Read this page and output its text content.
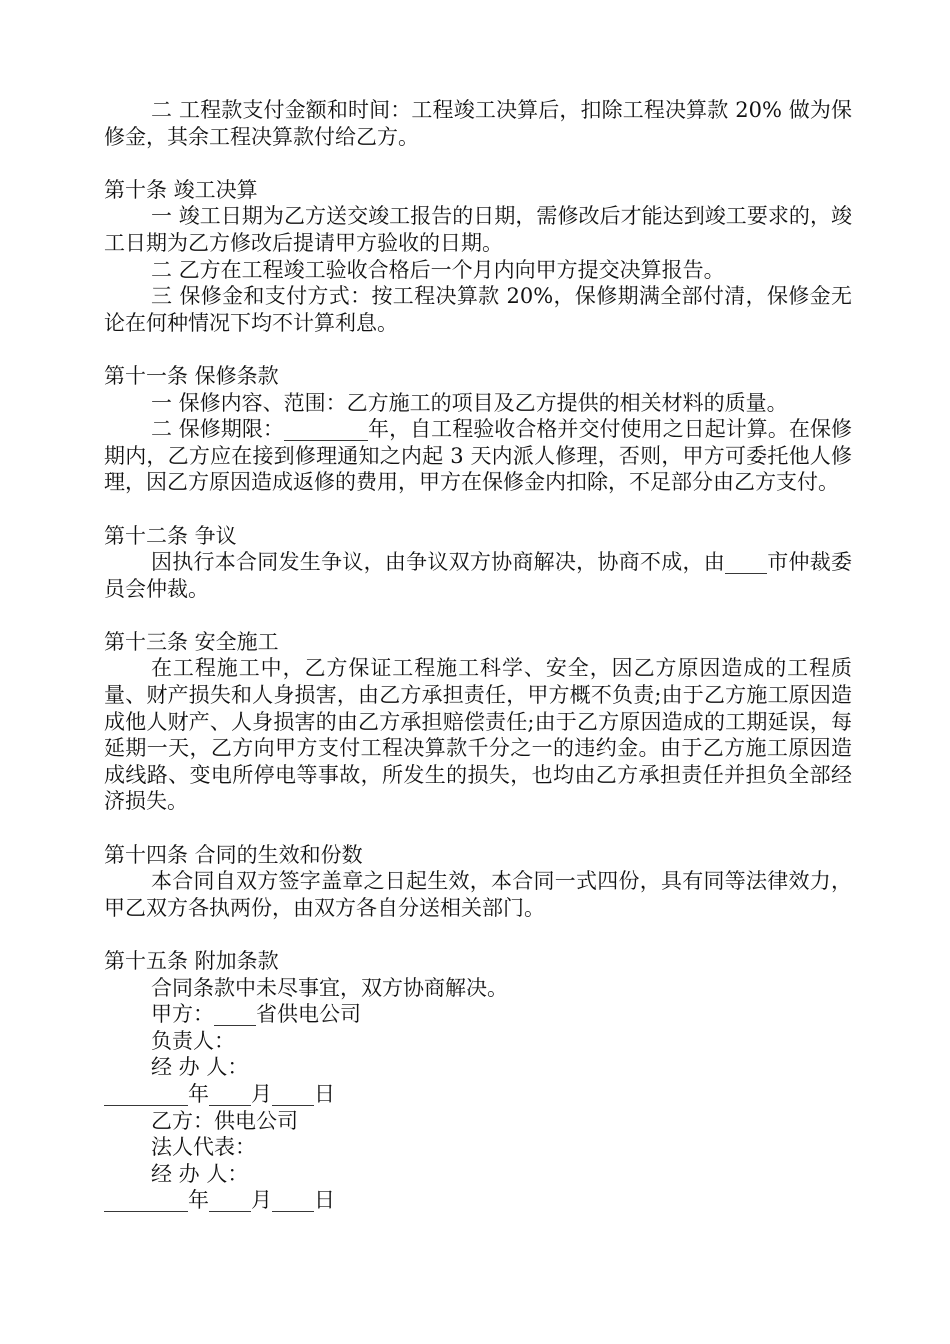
二 工程款支付金额和时间：工程竣工决算后，扣除工程决算款 20% 做为保修金，其余工程决算款付给乙方。

第十条 竣工决算

一 竣工日期为乙方送交竣工报告的日期，需修改后才能达到竣工要求的，竣工日期为乙方修改后提请甲方验收的日期。

二 乙方在工程竣工验收合格后一个月内向甲方提交决算报告。

三 保修金和支付方式：按工程决算款 20%，保修期满全部付清，保修金无论在何种情况下均不计算利息。

第十一条 保修条款

一 保修内容、范围：乙方施工的项目及乙方提供的相关材料的质量。

二 保修期限：________年，自工程验收合格并交付使用之日起计算。在保修期内，乙方应在接到修理通知之内起 3 天内派人修理，否则，甲方可委托他人修理，因乙方原因造成返修的费用，甲方在保修金内扣除，不足部分由乙方支付。

第十二条 争议

因执行本合同发生争议，由争议双方协商解决，协商不成，由____市仲裁委员会仲裁。

第十三条 安全施工

在工程施工中，乙方保证工程施工科学、安全，因乙方原因造成的工程质量、财产损失和人身损害，由乙方承担责任，甲方概不负责;由于乙方施工原因造成他人财产、人身损害的由乙方承担赔偿责任;由于乙方原因造成的工期延误，每延期一天，乙方向甲方支付工程决算款千分之一的违约金。由于乙方施工原因造成线路、变电所停电等事故，所发生的损失，也均由乙方承担责任并担负全部经济损失。

第十四条 合同的生效和份数

本合同自双方签字盖章之日起生效，本合同一式四份，具有同等法律效力，甲乙双方各执两份，由双方各自分送相关部门。

第十五条 附加条款

合同条款中未尽事宜，双方协商解决。

甲方：____省供电公司

负责人：

经 办 人：

________年____月____日

乙方：供电公司

法人代表：

经 办 人：

________年____月____日
